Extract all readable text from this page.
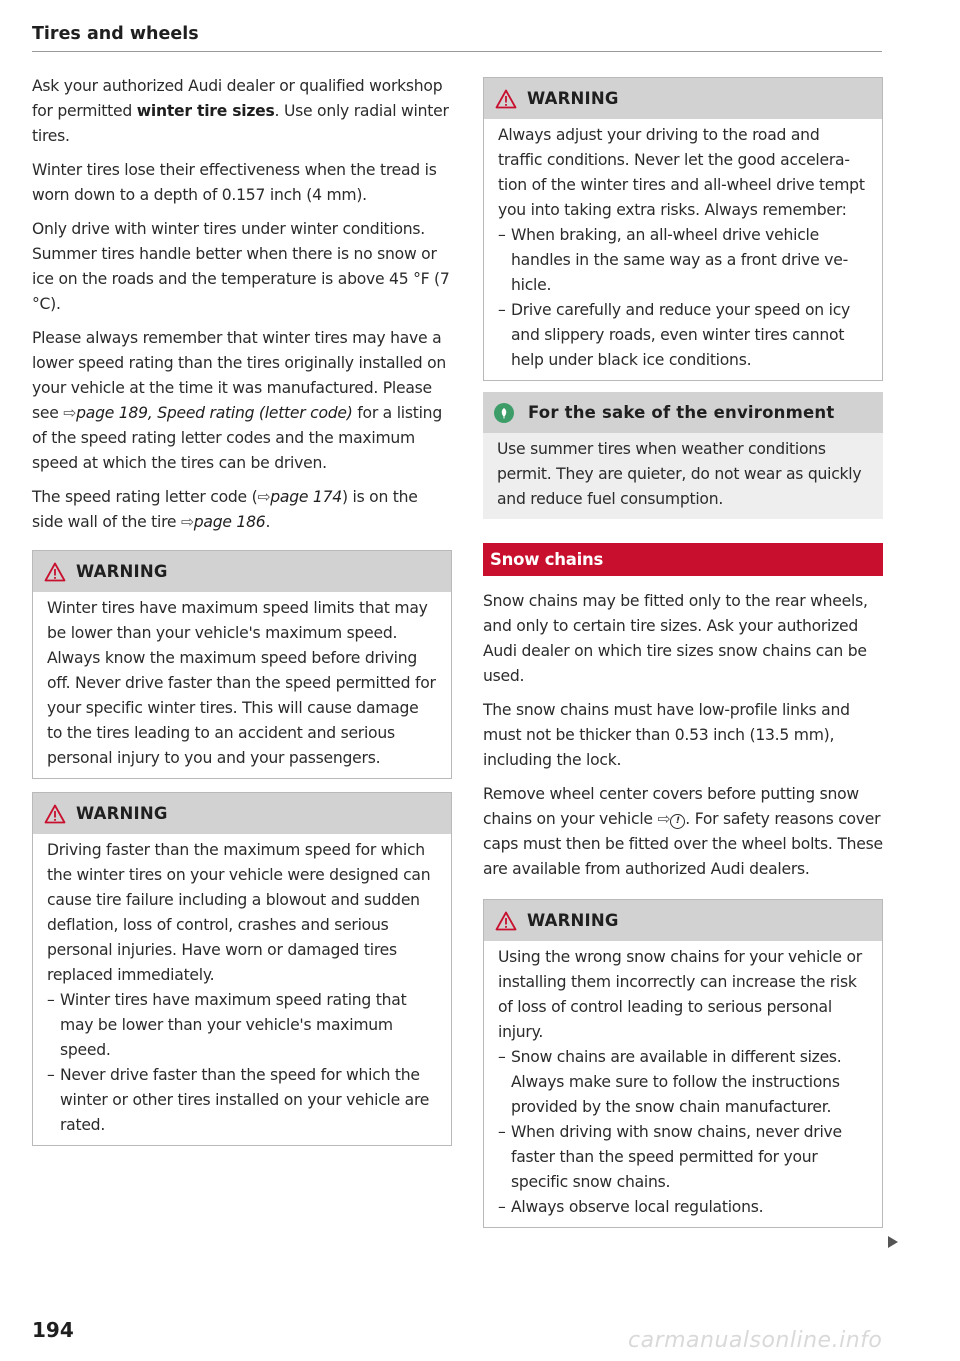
Tires and wheels

Ask your authorized Audi dealer or qualified workshop for permitted winter tire sizes. Use only radial winter tires.

Winter tires lose their effectiveness when the tread is worn down to a depth of 0.157 inch (4 mm).

Only drive with winter tires under winter conditions. Summer tires handle better when there is no snow or ice on the roads and the temperature is above 45 °F (7 °C).

Please always remember that winter tires may have a lower speed rating than the tires originally installed on your vehicle at the time it was manufactured. Please see ⇨page 189, Speed rating (letter code) for a listing of the speed rating letter codes and the maximum speed at which the tires can be driven.

The speed rating letter code (⇨page 174) is on the side wall of the tire ⇨page 186.

WARNING

Winter tires have maximum speed limits that may be lower than your vehicle's maximum speed. Always know the maximum speed before driving off. Never drive faster than the speed permitted for your specific winter tires. This will cause damage to the tires leading to an accident and serious personal injury to you and your passengers.

WARNING

Driving faster than the maximum speed for which the winter tires on your vehicle were designed can cause tire failure including a blowout and sudden deflation, loss of control, crashes and serious personal injuries. Have worn or damaged tires replaced immediately.

– Winter tires have maximum speed rating that may be lower than your vehicle's maximum speed.
– Never drive faster than the speed for which the winter or other tires installed on your vehicle are rated.
WARNING

Always adjust your driving to the road and traffic conditions. Never let the good acceleration of the winter tires and all-wheel drive tempt you into taking extra risks. Always remember:

– When braking, an all-wheel drive vehicle handles in the same way as a front drive vehicle.
– Drive carefully and reduce your speed on icy and slippery roads, even winter tires cannot help under black ice conditions.
For the sake of the environment

Use summer tires when weather conditions permit. They are quieter, do not wear as quickly and reduce fuel consumption.

Snow chains

Snow chains may be fitted only to the rear wheels, and only to certain tire sizes. Ask your authorized Audi dealer on which tire sizes snow chains can be used.

The snow chains must have low-profile links and must not be thicker than 0.53 inch (13.5 mm), including the lock.

Remove wheel center covers before putting snow chains on your vehicle ⇨ ! . For safety reasons cover caps must then be fitted over the wheel bolts. These are available from authorized Audi dealers.

WARNING

Using the wrong snow chains for your vehicle or installing them incorrectly can increase the risk of loss of control leading to serious personal injury.

– Snow chains are available in different sizes. Always make sure to follow the instructions provided by the snow chain manufacturer.
– When driving with snow chains, never drive faster than the speed permitted for your specific snow chains.
– Always observe local regulations.
194	carmanualsonline.info
